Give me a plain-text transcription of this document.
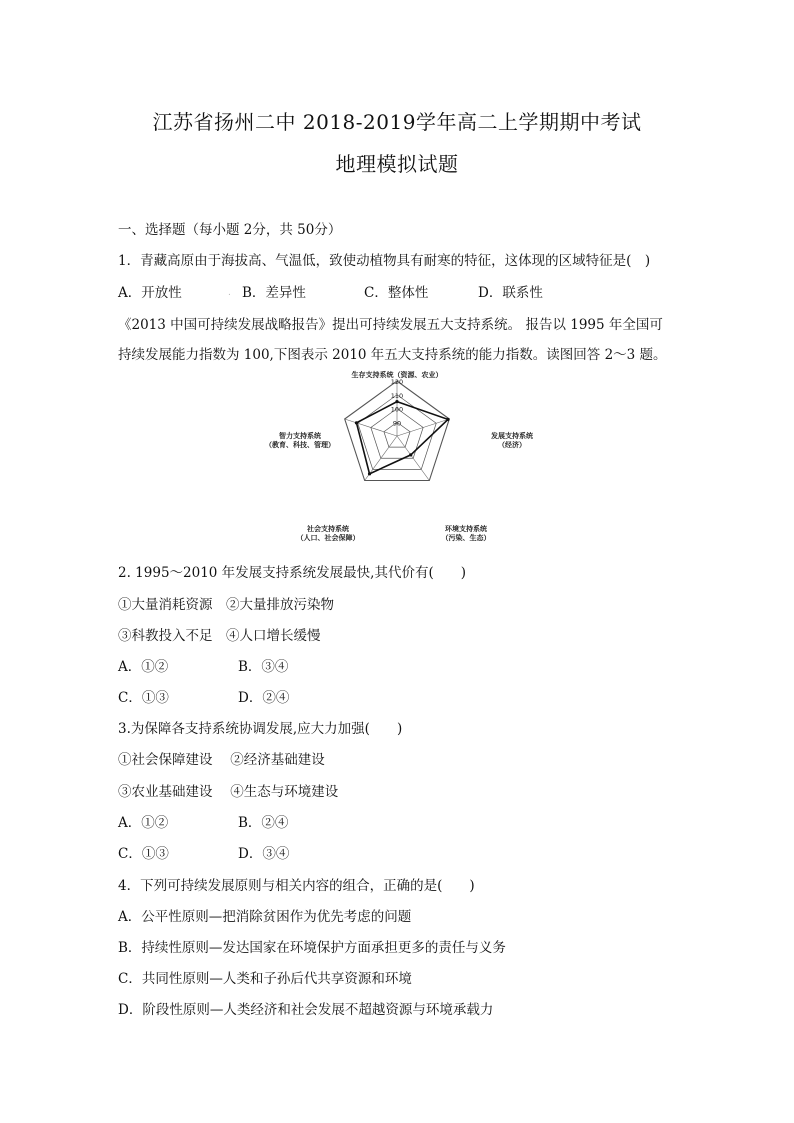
江苏省扬州二中 2018-2019学年高二上学期期中考试
地理模拟试题
一、选择题（每小题 2分，共 50分）
1．青藏高原由于海拔高、气温低，致使动植物具有耐寒的特征，这体现的区域特征是(　)
A．开放性	. B．差异性	C．整体性	D．联系性
《2013 中国可持续发展战略报告》提出可持续发展五大支持系统。 报告以 1995 年全国可
持续发展能力指数为 100,下图表示 2010 年五大支持系统的能力指数。读图回答 2～3 题。
90
100
110
120
生存支持系统（资源、农业）
发展支持系统
（经济）
环境支持系统
（污染、生态）
社会支持系统
（人口、社会保障）
智力支持系统
（教育、科技、管理）
2. 1995～2010 年发展支持系统发展最快,其代价有(　　)
①大量消耗资源　②大量排放污染物
③科教投入不足　④人口增长缓慢
A．①②	B．③④
C．①③	D．②④
3.为保障各支持系统协调发展,应大力加强(　　)
①社会保障建设　 ②经济基础建设
③农业基础建设　 ④生态与环境建设
A．①②	B．②④
C．①③	D．③④
4．下列可持续发展原则与相关内容的组合，正确的是(　　)
A．公平性原则—把消除贫困作为优先考虑的问题
B．持续性原则—发达国家在环境保护方面承担更多的责任与义务
C．共同性原则—人类和子孙后代共享资源和环境
D．阶段性原则—人类经济和社会发展不超越资源与环境承载力
